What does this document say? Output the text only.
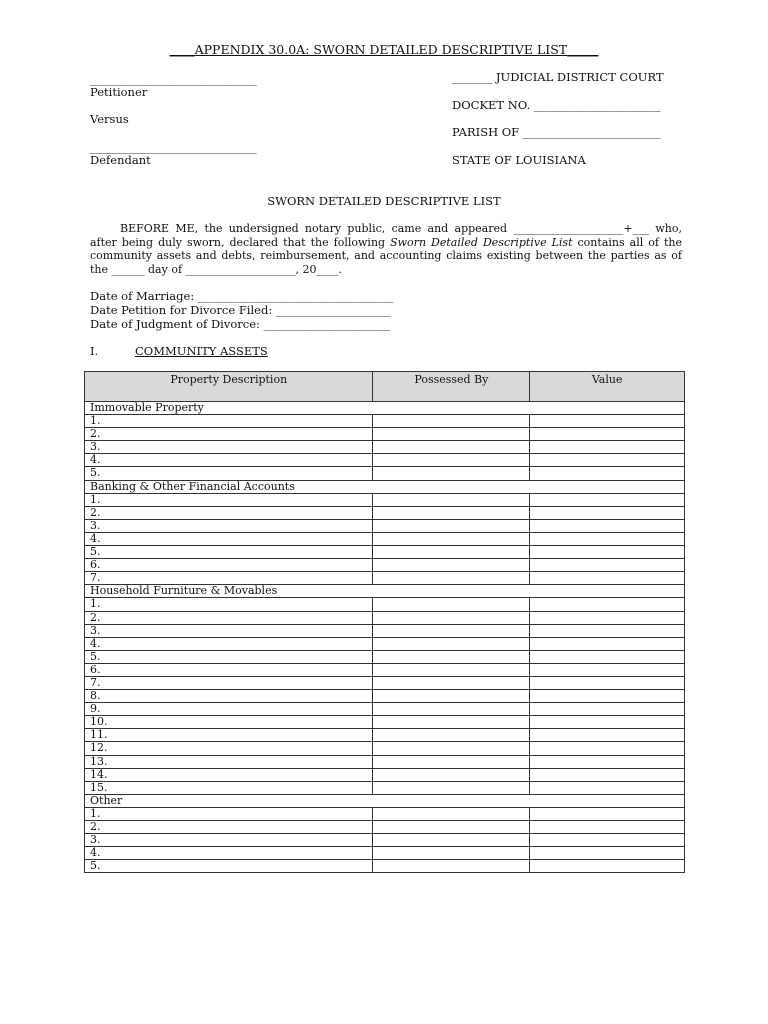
____APPENDIX 30.0A: SWORN DETAILED DESCRIPTIVE LIST_____
_____________________________
Petitioner
Versus
_____________________________
Defendant
_______ JUDICIAL DISTRICT COURT
DOCKET NO. ______________________
PARISH OF ________________________
STATE OF LOUISIANA
SWORN DETAILED DESCRIPTIVE LIST
BEFORE ME, the undersigned notary public, came and appeared ____________________+___ who, after being duly sworn, declared that the following Sworn Detailed Descriptive List contains all of the community assets and debts, reimbursement, and accounting claims existing between the parties as of the ______ day of ____________________, 20____.
Date of Marriage: __________________________________
Date Petition for Divorce Filed: ____________________
Date of Judgment of Divorce: ______________________
I.	COMMUNITY ASSETS
Property Description	Possessed By	Value
Immovable Property		
1.		
2.		
3.		
4.		
5.		
Banking & Other Financial Accounts		
1.		
2.		
3.		
4.		
5.		
6.		
7.		
Household Furniture & Movables		
1.		
2.		
3.		
4.		
5.		
6.		
7.		
8.		
9.		
10.		
11.		
12.		
13.		
14.		
15.		
Other		
1.		
2.		
3.		
4.		
5.		
